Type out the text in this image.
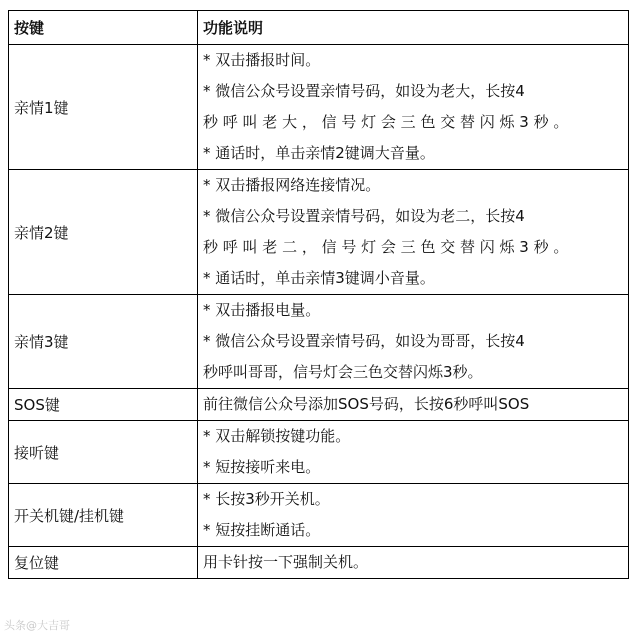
按键	功能说明
亲情1键	* 双击播报时间。
* 微信公众号设置亲情号码，如设为老大，长按4
秒 呼 叫 老 大 ， 信 号 灯 会 三 色 交 替 闪 烁 3 秒 。
* 通话时，单击亲情2键调大音量。

亲情2键	* 双击播报网络连接情况。
* 微信公众号设置亲情号码，如设为老二，长按4
秒 呼 叫 老 二 ， 信 号 灯 会 三 色 交 替 闪 烁 3 秒 。
* 通话时，单击亲情3键调小音量。

亲情3键	* 双击播报电量。
* 微信公众号设置亲情号码，如设为哥哥，长按4
秒呼叫哥哥，信号灯会三色交替闪烁3秒。

SOS键	前往微信公众号添加SOS号码，长按6秒呼叫SOS

接听键	* 双击解锁按键功能。
* 短按接听来电。

开关机键/挂机键	* 长按3秒开关机。
* 短按挂断通话。

复位键	用卡针按一下强制关机。
头条@大吉哥
